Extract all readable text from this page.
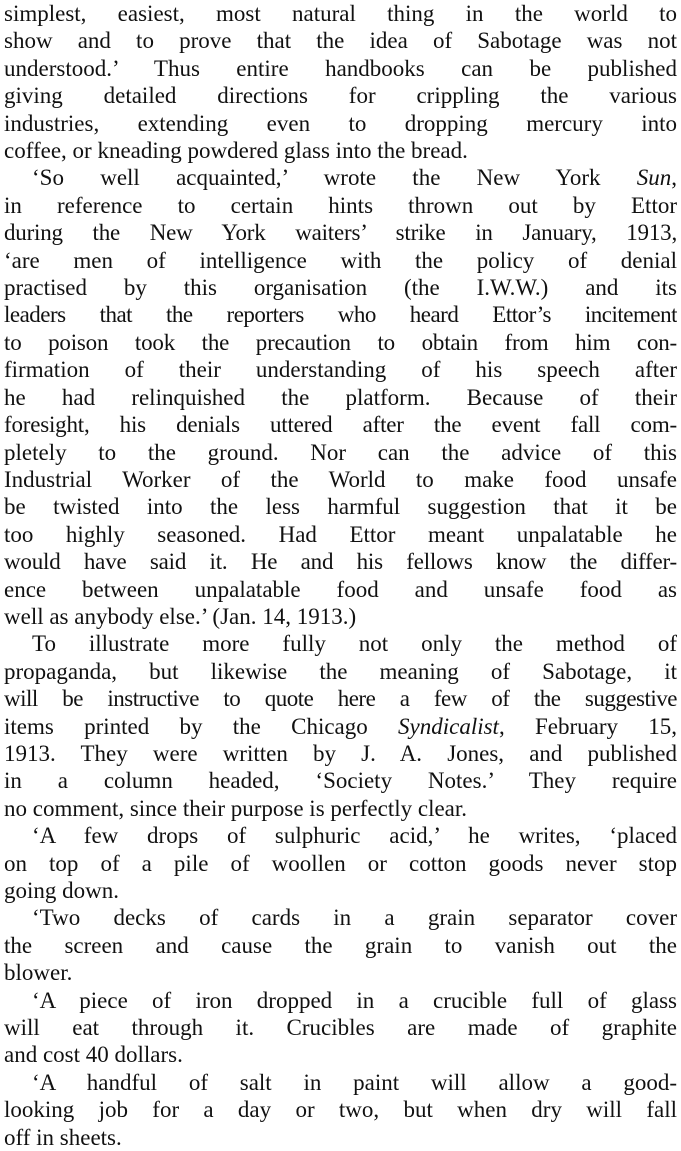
simplest, easiest, most natural thing in the world to
show and to prove that the idea of Sabotage was not
understood.’ Thus entire handbooks can be published
giving detailed directions for crippling the various
industries, extending even to dropping mercury into
coffee, or kneading powdered glass into the bread.
‘So well acquainted,’ wrote the New York Sun,
in reference to certain hints thrown out by Ettor
during the New York waiters’ strike in January, 1913,
‘are men of intelligence with the policy of denial
practised by this organisation (the I.W.W.) and its
leaders that the reporters who heard Ettor’s incitement
to poison took the precaution to obtain from him con-
firmation of their understanding of his speech after
he had relinquished the platform. Because of their
foresight, his denials uttered after the event fall com-
pletely to the ground. Nor can the advice of this
Industrial Worker of the World to make food unsafe
be twisted into the less harmful suggestion that it be
too highly seasoned. Had Ettor meant unpalatable he
would have said it. He and his fellows know the differ-
ence between unpalatable food and unsafe food as
well as anybody else.’ (Jan. 14, 1913.)
To illustrate more fully not only the method of
propaganda, but likewise the meaning of Sabotage, it
will be instructive to quote here a few of the suggestive
items printed by the Chicago Syndicalist, February 15,
1913. They were written by J. A. Jones, and published
in a column headed, ‘Society Notes.’ They require
no comment, since their purpose is perfectly clear.
‘A few drops of sulphuric acid,’ he writes, ‘placed
on top of a pile of woollen or cotton goods never stop
going down.
‘Two decks of cards in a grain separator cover
the screen and cause the grain to vanish out the
blower.
‘A piece of iron dropped in a crucible full of glass
will eat through it. Crucibles are made of graphite
and cost 40 dollars.
‘A handful of salt in paint will allow a good-
looking job for a day or two, but when dry will fall
off in sheets.
